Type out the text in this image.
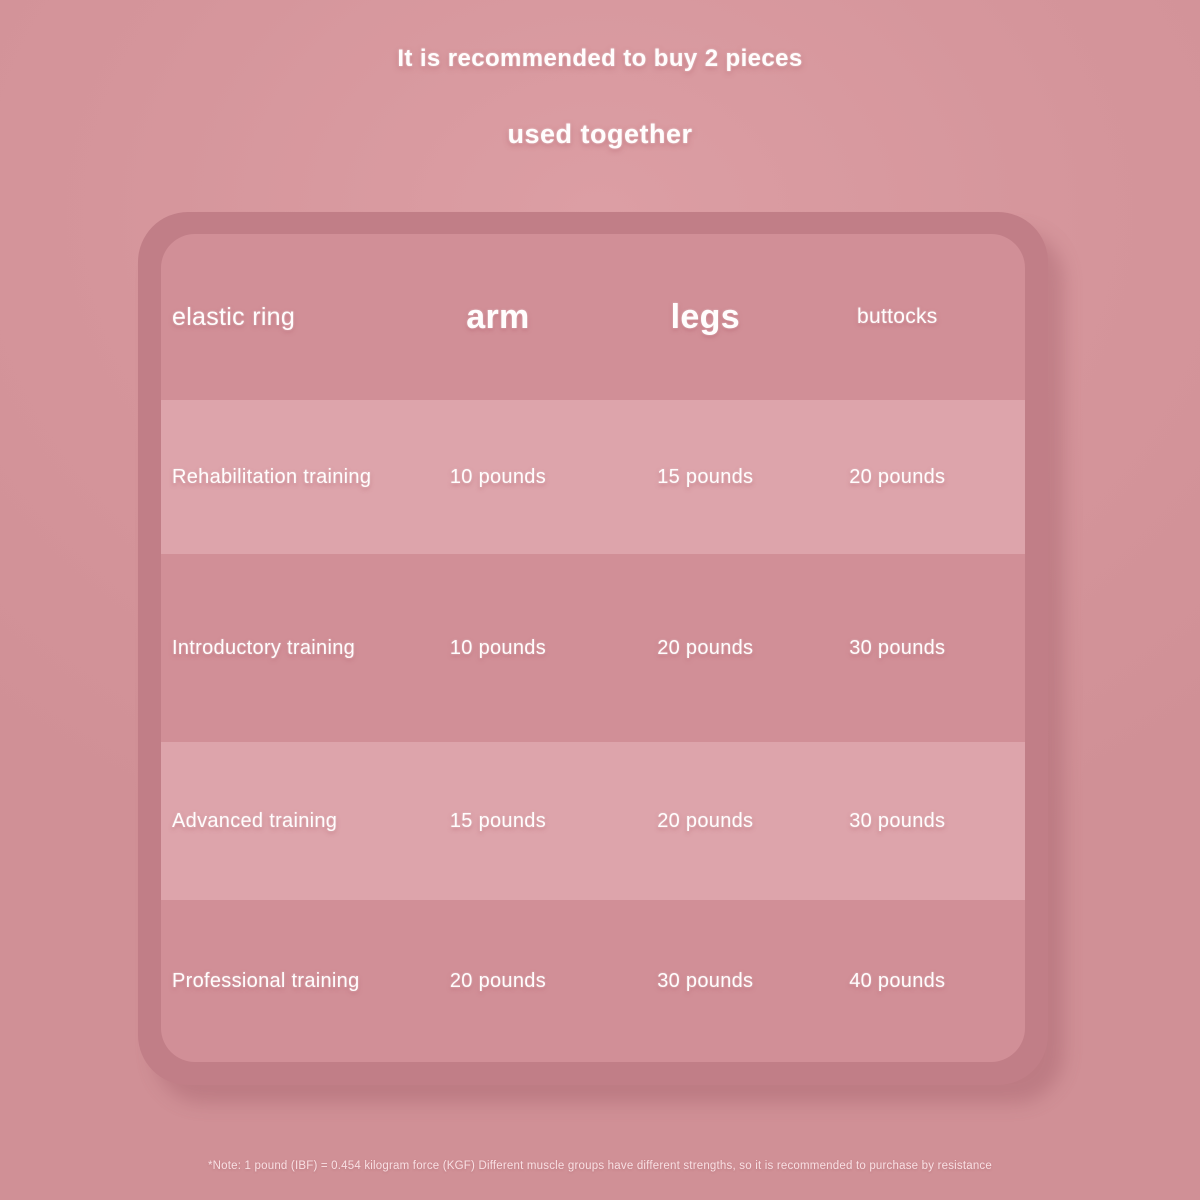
It is recommended to buy 2 pieces
used together
elastic ring	arm	legs	buttocks
Rehabilitation training	10 pounds	15 pounds	20 pounds
Introductory training	10 pounds	20 pounds	30 pounds
Advanced training	15 pounds	20 pounds	30 pounds
Professional training	20 pounds	30 pounds	40 pounds
*Note: 1 pound (IBF) = 0.454 kilogram force (KGF) Different muscle groups have different strengths, so it is recommended to purchase by resistance
